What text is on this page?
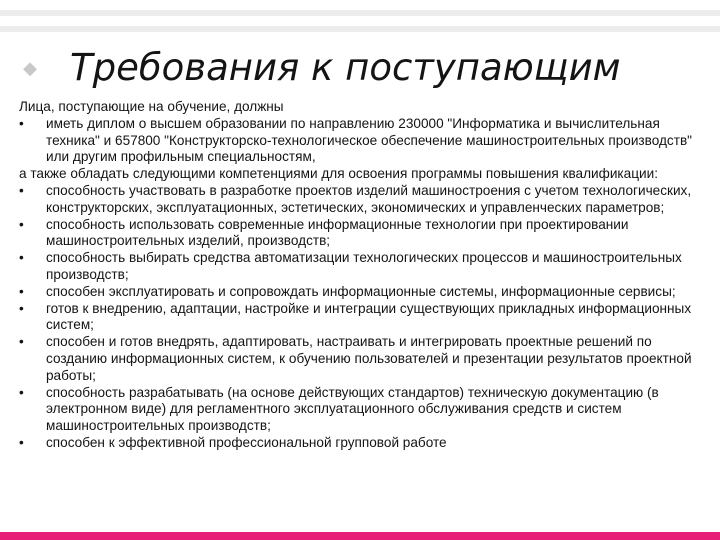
◆ Требования к поступающим

Лица, поступающие на обучение, должны

•	иметь диплом о высшем образовании по направлению 230000 "Информатика и вычислительная техника" и 657800 "Конструкторско-технологическое обеспечение машиностроительных производств" или другим профильным специальностям,

а также обладать следующими компетенциями для освоения программы повышения квалификации:

•	способность участвовать в разработке проектов изделий машиностроения с учетом технологических, конструкторских, эксплуатационных, эстетических, экономических и управленческих параметров;
•	способность использовать современные информационные технологии при проектировании машиностроительных изделий, производств;
•	способность выбирать средства автоматизации технологических процессов и машиностроительных производств;
•	способен эксплуатировать и сопровождать информационные системы, информационные сервисы;
•	готов к внедрению, адаптации, настройке и интеграции существующих прикладных информационных систем;
•	способен и готов внедрять, адаптировать, настраивать и интегрировать проектные решений по созданию информационных систем, к обучению пользователей и презентации результатов проектной работы;
•	способность разрабатывать (на основе действующих стандартов) техническую документацию (в электронном виде) для регламентного эксплуатационного обслуживания средств и систем машиностроительных производств;
•	способен к эффективной профессиональной групповой работе
